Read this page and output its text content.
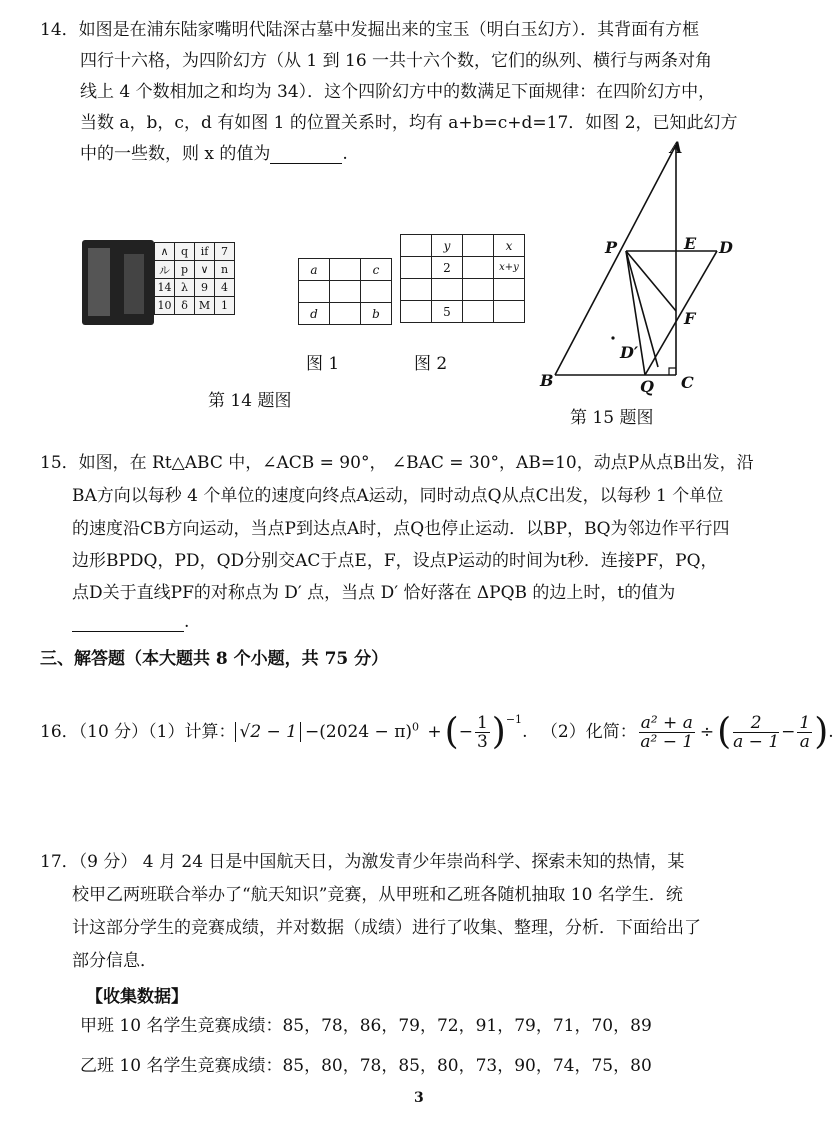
14．如图是在浦东陆家嘴明代陆深古墓中发掘出来的宝玉（明白玉幻方）．其背面有方框
四行十六格，为四阶幻方（从 1 到 16 一共十六个数，它们的纵列、横行与两条对角
线上 4 个数相加之和均为 34）．这个四阶幻方中的数满足下面规律：在四阶幻方中，
当数 a，b，c，d 有如图 1 的位置关系时，均有 a+b=c+d=17．如图 2，已知此幻方
中的一些数，则 x 的值为	.
∧	q	if	7
ル	p	∨	n
14	λ	9	4
10	δ	M	1
a		c

d		b
图 1
	y		x
	2		x+y

	5		
图 2
第 14 题图
A
P	E D
F
D′
B	Q C
第 15 题图
15．如图，在 Rt△ABC 中，∠ACB = 90°， ∠BAC = 30°，AB=10，动点P从点B出发，沿
BA方向以每秒 4 个单位的速度向终点A运动，同时动点Q从点C出发，以每秒 1 个单位
的速度沿CB方向运动，当点P到达点A时，点Q也停止运动．以BP，BQ为邻边作平行四
边形BPDQ，PD，QD分别交AC于点E，F，设点P运动的时间为t秒．连接PF，PQ，
点D关于直线PF的对称点为 D′ 点，当点 D′ 恰好落在 ΔPQB 的边上时，t的值为
.
三、解答题（本大题共 8 个小题，共 75 分）
16．（10 分）（1）计算： $√2 - 1 -(2024 - \pi)^0$ +(− $\frac{1}{3} )^{-1}$. （2）化简： $\frac{\text{a² + a}}{\text{a² − 1}}$ ÷( $\frac{2}{a - 1} - \frac{1}{a}$ ).
17．（9 分） 4 月 24 日是中国航天日，为激发青少年崇尚科学、探索未知的热情，某
校甲乙两班联合举办了“航天知识”竞赛，从甲班和乙班各随机抽取 10 名学生．统
计这部分学生的竞赛成绩，并对数据（成绩）进行了收集、整理，分析．下面给出了
部分信息．
【收集数据】
甲班 10 名学生竞赛成绩：85，78，86，79，72，91，79，71，70，89
乙班 10 名学生竞赛成绩：85，80，78，85，80，73，90，74，75，80
3
